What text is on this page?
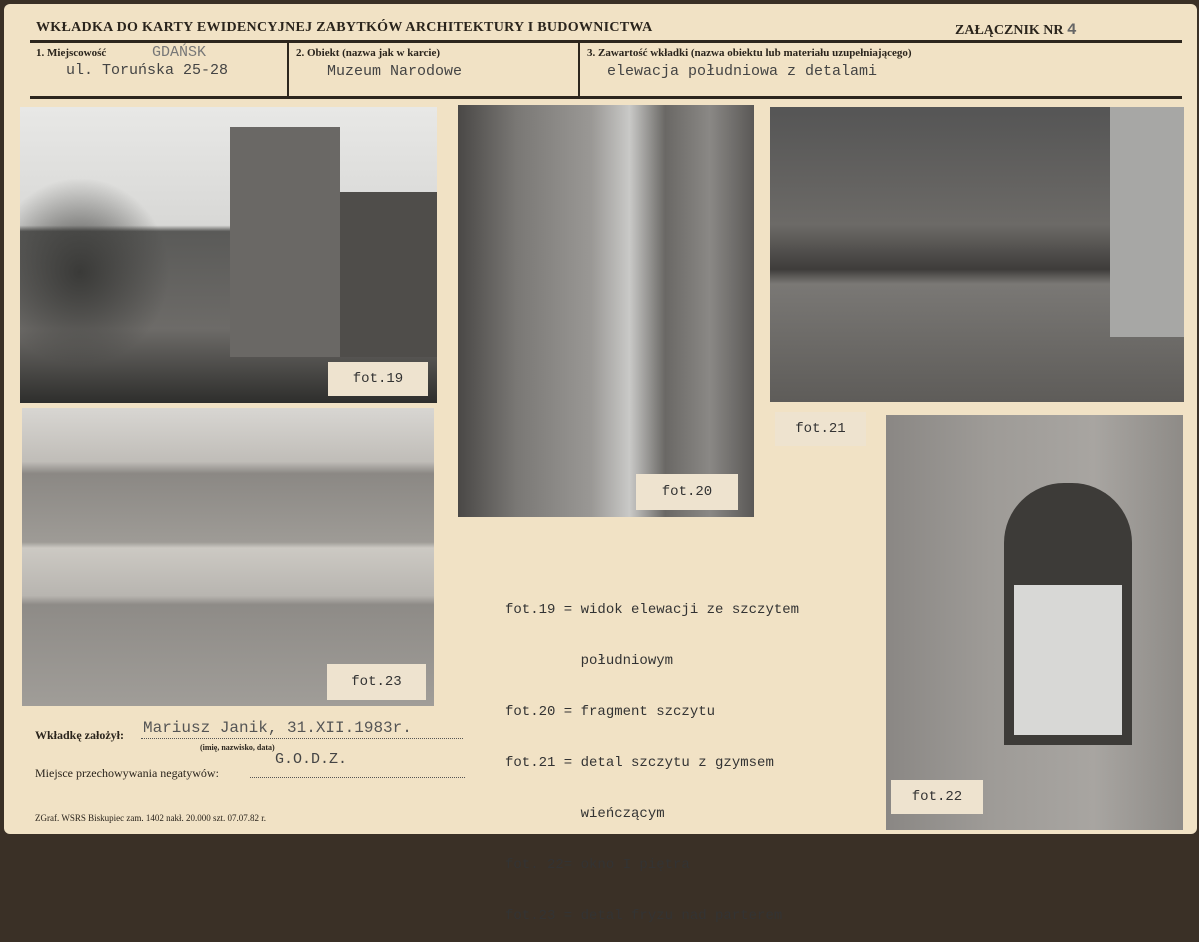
WKŁADKA DO KARTY EWIDENCYJNEJ ZABYTKÓW ARCHITEKTURY I BUDOWNICTWA	ZAŁĄCZNIK NR 4
1. Miejscowość	GDAŃSK
ul. Toruńska 25-28
2. Obiekt (nazwa jak w karcie)
Muzeum Narodowe
3. Zawartość wkładki (nazwa obiektu lub materiału uzupełniającego)
elewacja południowa z detalami
fot.19
fot.20
fot.21
fot.23
fot.22

fot.19 = widok elewacji ze szczytem

południowym

fot.20 = fragment szczytu

fot.21 = detal szczytu z gzymsem

wieńczącym

fot. 22= okno I piętra

fot.23 = detal fryzu nad parterem

Wkładkę założył: Mariusz Janik, 31.XII.1983r.
(imię, nazwisko, data)
Miejsce przechowywania negatywów:
G.O.D.Z.
ZGraf. WSRS Biskupiec zam. 1402 nakł. 20.000 szt. 07.07.82 r.
